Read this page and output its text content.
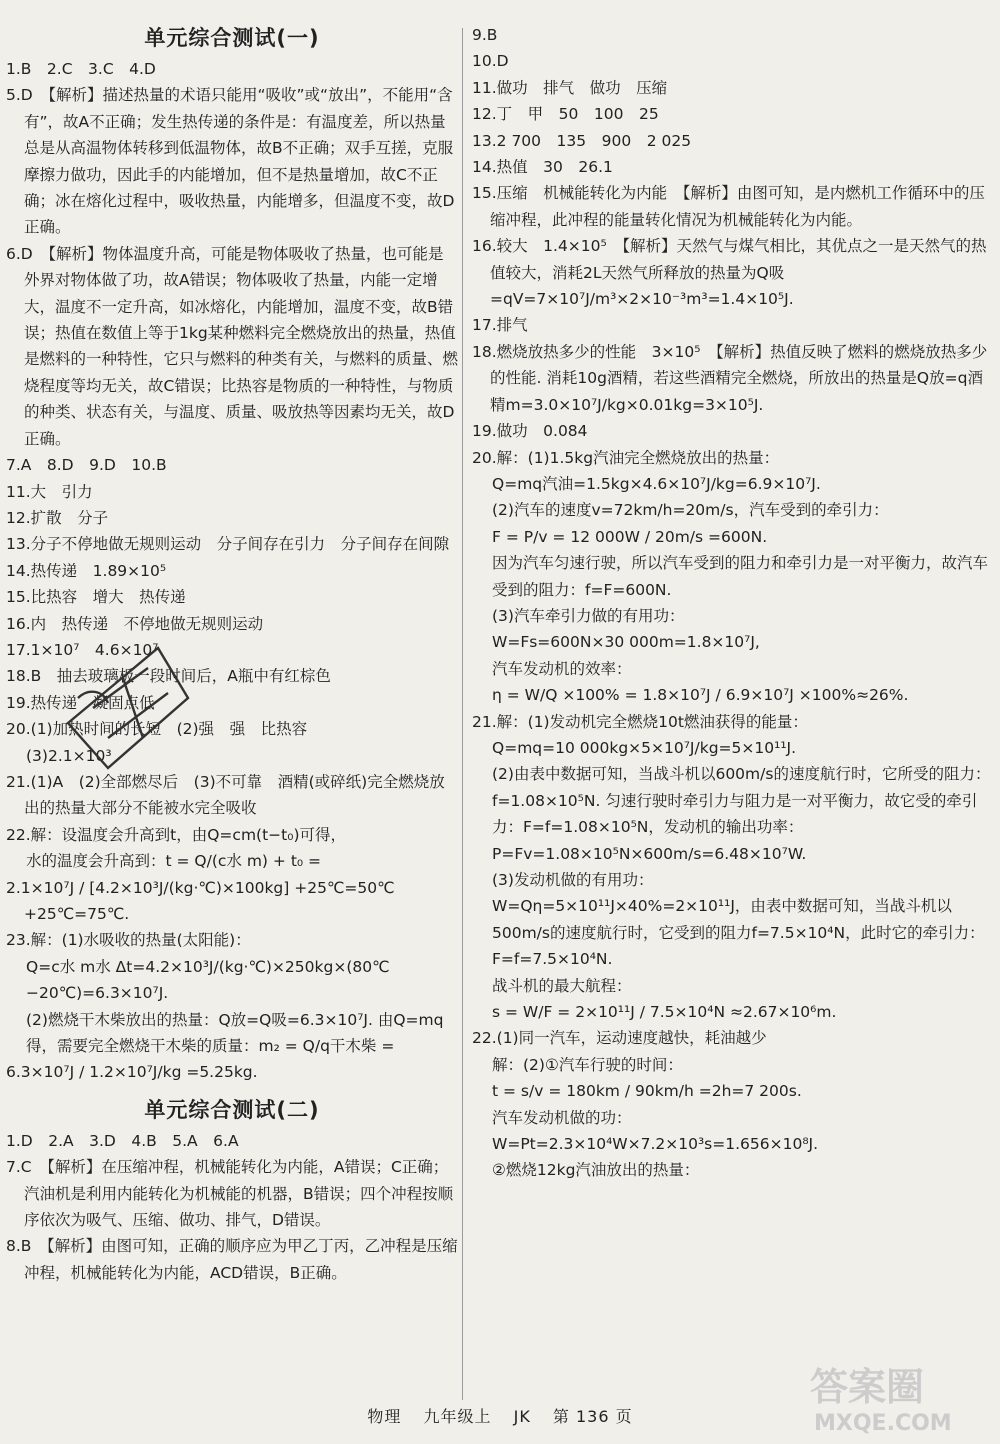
单元综合测试(一)
1.B　2.C　3.C　4.D
5.D　【解析】描述热量的术语只能用“吸收”或“放出”，不能用“含有”，故A不正确；发生热传递的条件是：有温度差，所以热量总是从高温物体转移到低温物体，故B不正确；双手互搓，克服摩擦力做功，因此手的内能增加，但不是热量增加，故C不正确；冰在熔化过程中，吸收热量，内能增多，但温度不变，故D正确。
6.D　【解析】物体温度升高，可能是物体吸收了热量，也可能是外界对物体做了功，故A错误；物体吸收了热量，内能一定增大，温度不一定升高，如冰熔化，内能增加，温度不变，故B错误；热值在数值上等于1kg某种燃料完全燃烧放出的热量，热值是燃料的一种特性，它只与燃料的种类有关，与燃料的质量、燃烧程度等均无关，故C错误；比热容是物质的一种特性，与物质的种类、状态有关，与温度、质量、吸放热等因素均无关，故D正确。
7.A　8.D　9.D　10.B
11.大　引力
12.扩散　分子
13.分子不停地做无规则运动　分子间存在引力　分子间存在间隙
14.热传递　1.89×10⁵
15.比热容　增大　热传递
16.内　热传递　不停地做无规则运动
17.1×10⁷　4.6×10⁷
18.B　抽去玻璃板一段时间后，A瓶中有红棕色
19.热传递　凝固点低
20.(1)加热时间的长短　(2)强　强　比热容
(3)2.1×10³
21.(1)A　(2)全部燃尽后　(3)不可靠　酒精(或碎纸)完全燃烧放出的热量大部分不能被水完全吸收
22.解：设温度会升高到t，由Q=cm(t−t₀)可得，
水的温度会升高到：t = Q/(c水 m) + t₀ =
2.1×10⁷J / [4.2×10³J/(kg·℃)×100kg] +25℃=50℃+25℃=75℃.
23.解：(1)水吸收的热量(太阳能)：
Q=c水 m水 Δt=4.2×10³J/(kg·℃)×250kg×(80℃−20℃)=6.3×10⁷J.
(2)燃烧干木柴放出的热量：Q放=Q吸=6.3×10⁷J. 由Q=mq得，需要完全燃烧干木柴的质量：m₂ = Q/q干木柴 =
6.3×10⁷J / 1.2×10⁷J/kg =5.25kg.
单元综合测试(二)
1.D　2.A　3.D　4.B　5.A　6.A
7.C　【解析】在压缩冲程，机械能转化为内能，A错误；C正确；汽油机是利用内能转化为机械能的机器，B错误；四个冲程按顺序依次为吸气、压缩、做功、排气，D错误。
8.B　【解析】由图可知，正确的顺序应为甲乙丁丙，乙冲程是压缩冲程，机械能转化为内能，ACD错误，B正确。
9.B
10.D
11.做功　排气　做功　压缩
12.丁　甲　50　100　25
13.2 700　135　900　2 025
14.热值　30　26.1
15.压缩　机械能转化为内能　【解析】由图可知，是内燃机工作循环中的压缩冲程，此冲程的能量转化情况为机械能转化为内能。
16.较大　1.4×10⁵　【解析】天然气与煤气相比，其优点之一是天然气的热值较大，消耗2L天然气所释放的热量为Q吸=qV=7×10⁷J/m³×2×10⁻³m³=1.4×10⁵J.
17.排气
18.燃烧放热多少的性能　3×10⁵　【解析】热值反映了燃料的燃烧放热多少的性能. 消耗10g酒精，若这些酒精完全燃烧，所放出的热量是Q放=q酒精m=3.0×10⁷J/kg×0.01kg=3×10⁵J.
19.做功　0.084
20.解：(1)1.5kg汽油完全燃烧放出的热量：
Q=mq汽油=1.5kg×4.6×10⁷J/kg=6.9×10⁷J.
(2)汽车的速度v=72km/h=20m/s，汽车受到的牵引力：
F = P/v = 12 000W / 20m/s =600N.
因为汽车匀速行驶，所以汽车受到的阻力和牵引力是一对平衡力，故汽车受到的阻力：f=F=600N.
(3)汽车牵引力做的有用功：
W=Fs=600N×30 000m=1.8×10⁷J,
汽车发动机的效率：
η = W/Q ×100% = 1.8×10⁷J / 6.9×10⁷J ×100%≈26%.
21.解：(1)发动机完全燃烧10t燃油获得的能量：
Q=mq=10 000kg×5×10⁷J/kg=5×10¹¹J.
(2)由表中数据可知，当战斗机以600m/s的速度航行时，它所受的阻力：f=1.08×10⁵N. 匀速行驶时牵引力与阻力是一对平衡力，故它受的牵引力：F=f=1.08×10⁵N，发动机的输出功率：
P=Fv=1.08×10⁵N×600m/s=6.48×10⁷W.
(3)发动机做的有用功：
W=Qη=5×10¹¹J×40%=2×10¹¹J，由表中数据可知，当战斗机以500m/s的速度航行时，它受到的阻力f=7.5×10⁴N，此时它的牵引力：F=f=7.5×10⁴N.
战斗机的最大航程：
s = W/F = 2×10¹¹J / 7.5×10⁴N ≈2.67×10⁶m.
22.(1)同一汽车，运动速度越快，耗油越少
解：(2)①汽车行驶的时间：
t = s/v = 180km / 90km/h =2h=7 200s.
汽车发动机做的功：
W=Pt=2.3×10⁴W×7.2×10³s=1.656×10⁸J.
②燃烧12kg汽油放出的热量：
物理 九年级上 JK 第 136 页
答案圈
MXQE.COM
